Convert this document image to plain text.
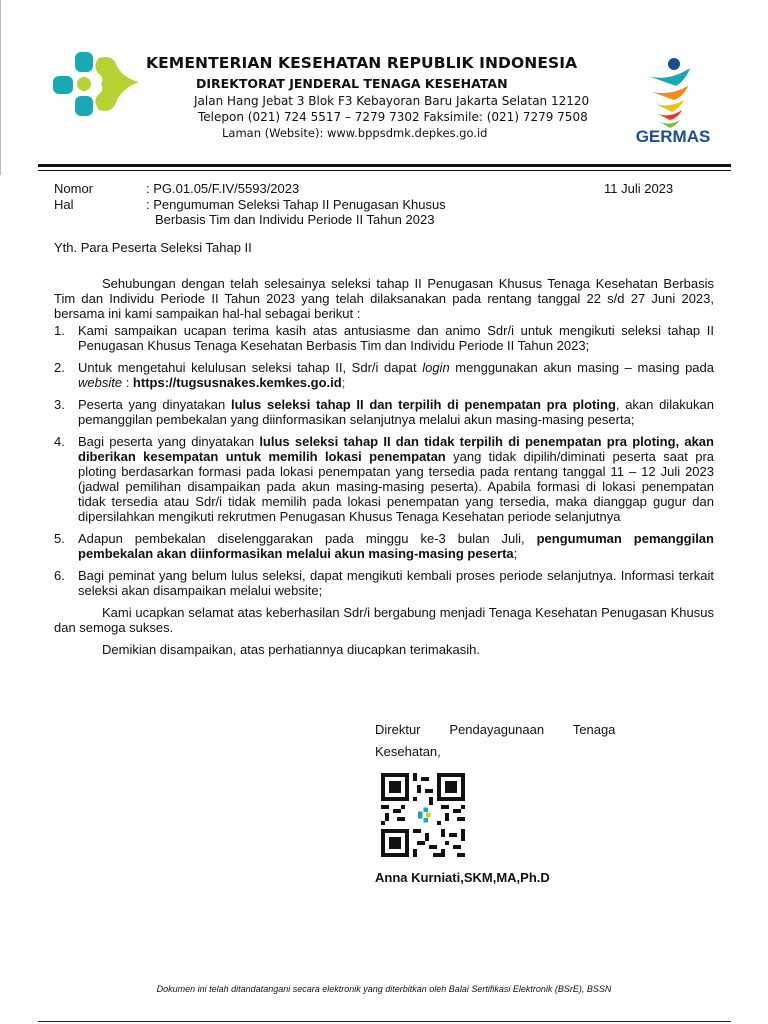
KEMENTERIAN KESEHATAN REPUBLIK INDONESIA
DIREKTORAT JENDERAL TENAGA KESEHATAN
Jalan Hang Jebat 3 Blok F3 Kebayoran Baru Jakarta Selatan 12120
Telepon (021) 724 5517 – 7279 7302 Faksimile: (021) 7279 7508
Laman (Website): www.bppsdmk.depkes.go.id	GERMAS
Nomor	: PG.01.05/F.IV/5593/2023	11 Juli 2023
Hal	: Pengumuman Seleksi Tahap II Penugasan Khusus
Berbasis Tim dan Individu Periode II Tahun 2023

Yth. Para Peserta Seleksi Tahap II

Sehubungan dengan telah selesainya seleksi tahap II Penugasan Khusus Tenaga Kesehatan Berbasis Tim dan Individu Periode II Tahun 2023 yang telah dilaksanakan pada rentang tanggal 22 s/d 27 Juni 2023, bersama ini kami sampaikan hal-hal sebagai berikut :

1. Kami sampaikan ucapan terima kasih atas antusiasme dan animo Sdr/i untuk mengikuti seleksi tahap II Penugasan Khusus Tenaga Kesehatan Berbasis Tim dan Individu Periode II Tahun 2023;
2. Untuk mengetahui kelulusan seleksi tahap II, Sdr/i dapat login menggunakan akun masing – masing pada website : https://tugsusnakes.kemkes.go.id;
3. Peserta yang dinyatakan lulus seleksi tahap II dan terpilih di penempatan pra ploting, akan dilakukan pemanggilan pembekalan yang diinformasikan selanjutnya melalui akun masing-masing peserta;
4. Bagi peserta yang dinyatakan lulus seleksi tahap II dan tidak terpilih di penempatan pra ploting, akan diberikan kesempatan untuk memilih lokasi penempatan yang tidak dipilih/diminati peserta saat pra ploting berdasarkan formasi pada lokasi penempatan yang tersedia pada rentang tanggal 11 – 12 Juli 2023 (jadwal pemilihan disampaikan pada akun masing-masing peserta). Apabila formasi di lokasi penempatan tidak tersedia atau Sdr/i tidak memilih pada lokasi penempatan yang tersedia, maka dianggap gugur dan dipersilahkan mengikuti rekrutmen Penugasan Khusus Tenaga Kesehatan periode selanjutnya
5. Adapun pembekalan diselenggarakan pada minggu ke-3 bulan Juli, pengumuman pemanggilan pembekalan akan diinformasikan melalui akun masing-masing peserta;
6. Bagi peminat yang belum lulus seleksi, dapat mengikuti kembali proses periode selanjutnya. Informasi terkait seleksi akan disampaikan melalui website;

Kami ucapkan selamat atas keberhasilan Sdr/i bergabung menjadi Tenaga Kesehatan Penugasan Khusus dan semoga sukses.

Demikian disampaikan, atas perhatiannya diucapkan terimakasih.

Direktur        Pendayagunaan        Tenaga
Kesehatan,
Anna Kurniati,SKM,MA,Ph.D
Dokumen ini telah ditandatangani secara elektronik yang diterbitkan oleh Balai Sertifikasi Elektronik (BSrE), BSSN
